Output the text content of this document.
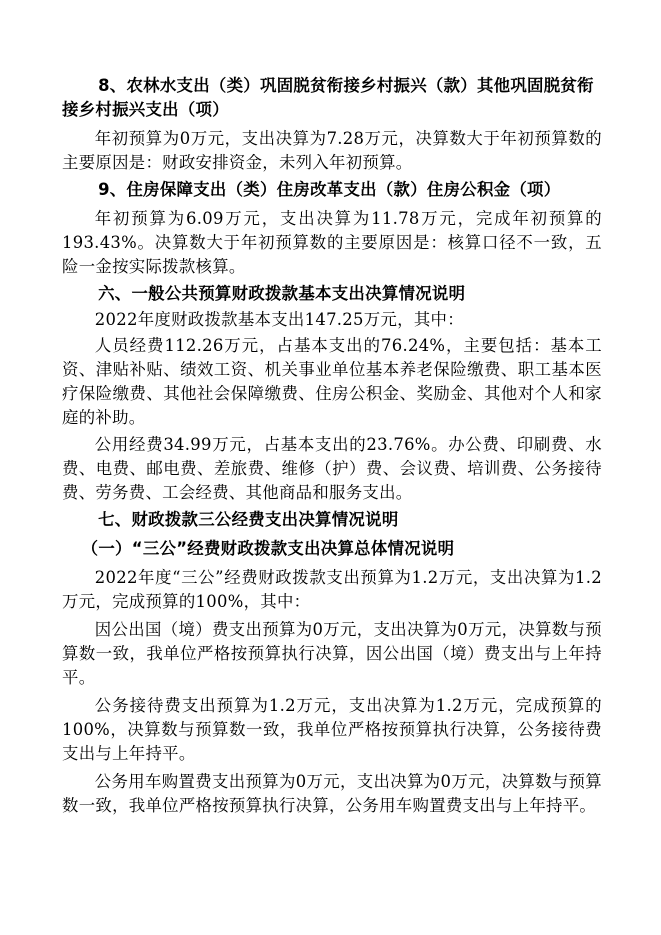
8、农林水支出（类）巩固脱贫衔接乡村振兴（款）其他巩固脱贫衔接乡村振兴支出（项）

年初预算为0万元，支出决算为7.28万元，决算数大于年初预算数的主要原因是：财政安排资金，未列入年初预算。

9、住房保障支出（类）住房改革支出（款）住房公积金（项）

年初预算为6.09万元，支出决算为11.78万元，完成年初预算的193.43%。决算数大于年初预算数的主要原因是：核算口径不一致，五险一金按实际拨款核算。

六、一般公共预算财政拨款基本支出决算情况说明

2022年度财政拨款基本支出147.25万元，其中：

人员经费112.26万元，占基本支出的76.24%，主要包括：基本工资、津贴补贴、绩效工资、机关事业单位基本养老保险缴费、职工基本医疗保险缴费、其他社会保障缴费、住房公积金、奖励金、其他对个人和家庭的补助。

公用经费34.99万元，占基本支出的23.76%。办公费、印刷费、水费、电费、邮电费、差旅费、维修（护）费、会议费、培训费、公务接待费、劳务费、工会经费、其他商品和服务支出。

七、财政拨款三公经费支出决算情况说明

（一）“三公”经费财政拨款支出决算总体情况说明

2022年度“三公”经费财政拨款支出预算为1.2万元，支出决算为1.2万元，完成预算的100%，其中：

因公出国（境）费支出预算为0万元，支出决算为0万元，决算数与预算数一致，我单位严格按预算执行决算，因公出国（境）费支出与上年持平。

公务接待费支出预算为1.2万元，支出决算为1.2万元，完成预算的100%，决算数与预算数一致，我单位严格按预算执行决算，公务接待费支出与上年持平。

公务用车购置费支出预算为0万元，支出决算为0万元，决算数与预算数一致，我单位严格按预算执行决算，公务用车购置费支出与上年持平。
